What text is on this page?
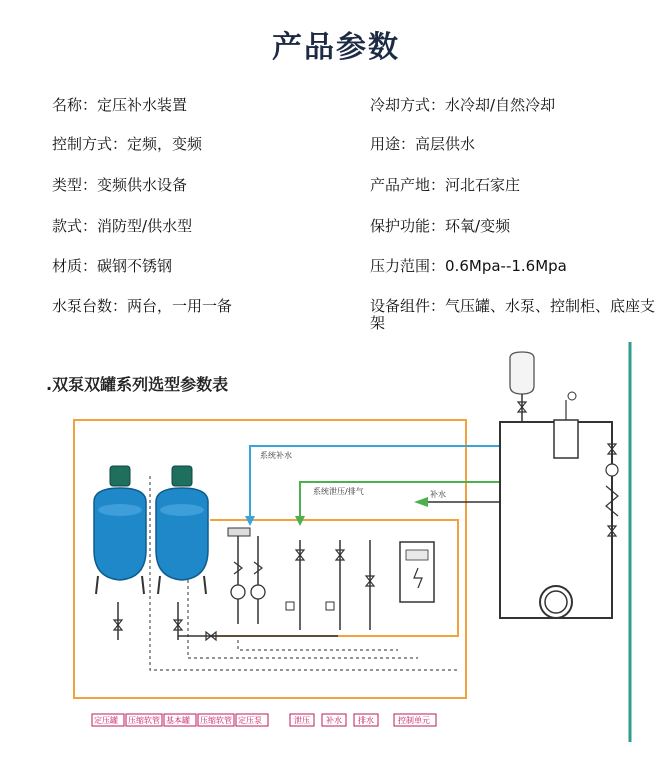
产品参数
名称：定压补水装置
控制方式：定频，变频
类型：变频供水设备
款式：消防型/供水型
材质：碳钢不锈钢
水泵台数：两台，一用一备
冷却方式：水冷却/自然冷却
用途：高层供水
产品产地：河北石家庄
保护功能：环氧/变频
压力范围：0.6Mpa--1.6Mpa
设备组件：气压罐、水泵、控制柜、底座支架
.双泵双罐系列选型参数表
系统补水
系统泄压/排气	补水
定压罐 压缩软管 基本罐 压缩软管 定压泵	泄压 补水 排水	控制单元
